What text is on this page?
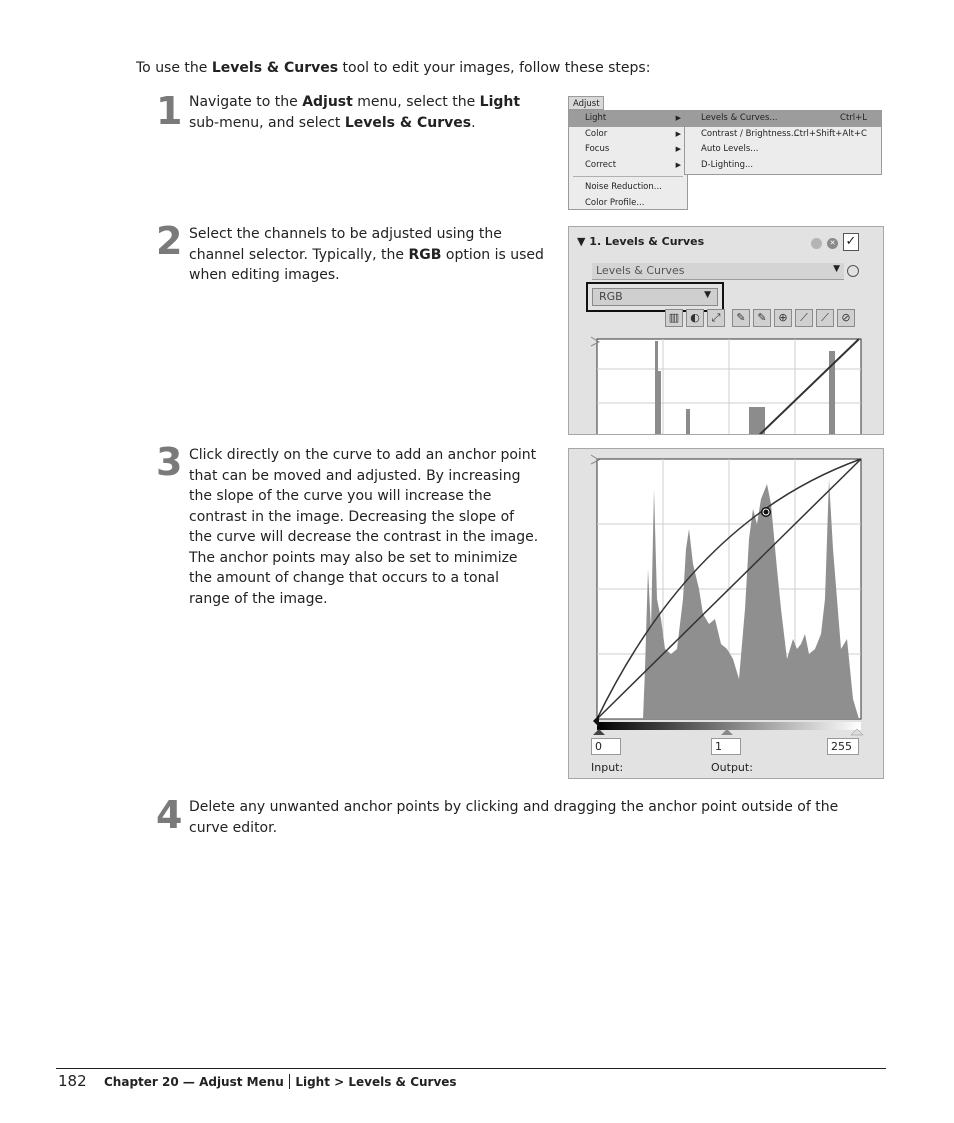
To use the Levels & Curves tool to edit your images, follow these steps:
1 Navigate to the Adjust menu, select the Light sub-menu, and select Levels & Curves.
Adjust
Light	▶
Color	▶
Focus	▶
Correct	▶
Noise Reduction...
Color Profile...
Levels & Curves...	Ctrl+L
Contrast / Brightness...
Ctrl+Shift+Alt+C
Auto Levels...
D-Lighting...
2 Select the channels to be adjusted using the channel selector. Typically, the RGB option is used when editing images.
▼ 1. Levels & Curves	✕ ✓
Levels & Curves	▼
RGB	▼
▥ ◐	⤢	✎	✎	⊕	⟋	⟋	⊘
3 Click directly on the curve to add an anchor point that can be moved and adjusted. By increasing the slope of the curve you will increase the contrast in the image. Decreasing the slope of the curve will decrease the contrast in the image. The anchor points may also be set to minimize the amount of change that occurs to a tonal range of the image.
0	1	255
Input:	Output:
4 Delete any unwanted anchor points by clicking and dragging the anchor point outside of the curve editor.
182 Chapter 20 — Adjust Menu Light > Levels & Curves
